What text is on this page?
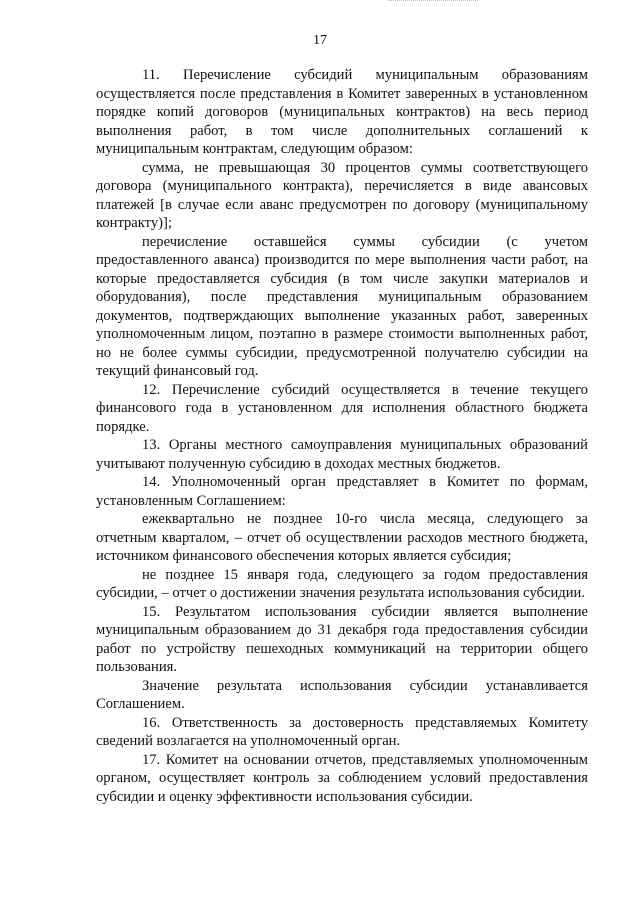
17

11. Перечисление субсидий муниципальным образованиям осуществляется после представления в Комитет заверенных в установленном порядке копий договоров (муниципальных контрактов) на весь период выполнения работ, в том числе дополнительных соглашений к муниципальным контрактам, следующим образом:

сумма, не превышающая 30 процентов суммы соответствующего договора (муниципального контракта), перечисляется в виде авансовых платежей [в случае если аванс предусмотрен по договору (муниципальному контракту)];

перечисление оставшейся суммы субсидии (с учетом предоставленного аванса) производится по мере выполнения части работ, на которые предоставляется субсидия (в том числе закупки материалов и оборудования), после представления муниципальным образованием документов, подтверждающих выполнение указанных работ, заверенных уполномоченным лицом, поэтапно в размере стоимости выполненных работ, но не более суммы субсидии, предусмотренной получателю субсидии на текущий финансовый год.

12. Перечисление субсидий осуществляется в течение текущего финансового года в установленном для исполнения областного бюджета порядке.

13. Органы местного самоуправления муниципальных образований учитывают полученную субсидию в доходах местных бюджетов.

14. Уполномоченный орган представляет в Комитет по формам, установленным Соглашением:

ежеквартально не позднее 10-го числа месяца, следующего за отчетным кварталом, – отчет об осуществлении расходов местного бюджета, источником финансового обеспечения которых является субсидия;

не позднее 15 января года, следующего за годом предоставления субсидии, – отчет о достижении значения результата использования субсидии.

15. Результатом использования субсидии является выполнение муниципальным образованием до 31 декабря года предоставления субсидии работ по устройству пешеходных коммуникаций на территории общего пользования.

Значение результата использования субсидии устанавливается Соглашением.

16. Ответственность за достоверность представляемых Комитету сведений возлагается на уполномоченный орган.

17. Комитет на основании отчетов, представляемых уполномоченным органом, осуществляет контроль за соблюдением условий предоставления субсидии и оценку эффективности использования субсидии.
